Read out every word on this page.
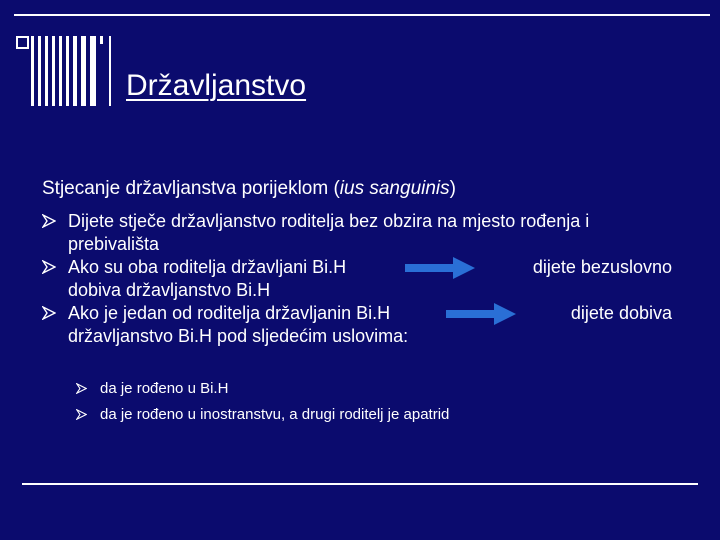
Državljanstvo
Stjecanje državljanstva porijeklom (ius sanguinis)
Dijete stječe državljanstvo roditelja bez obzira na mjesto rođenja i
prebivališta
Ako su oba roditelja državljani Bi.H	dijete bezuslovno
dobiva državljanstvo Bi.H
Ako je jedan od roditelja državljanin Bi.H	dijete dobiva
državljanstvo Bi.H pod sljedećim uslovima:
da je rođeno u Bi.H
da je rođeno u inostranstvu, a drugi roditelj je apatrid
